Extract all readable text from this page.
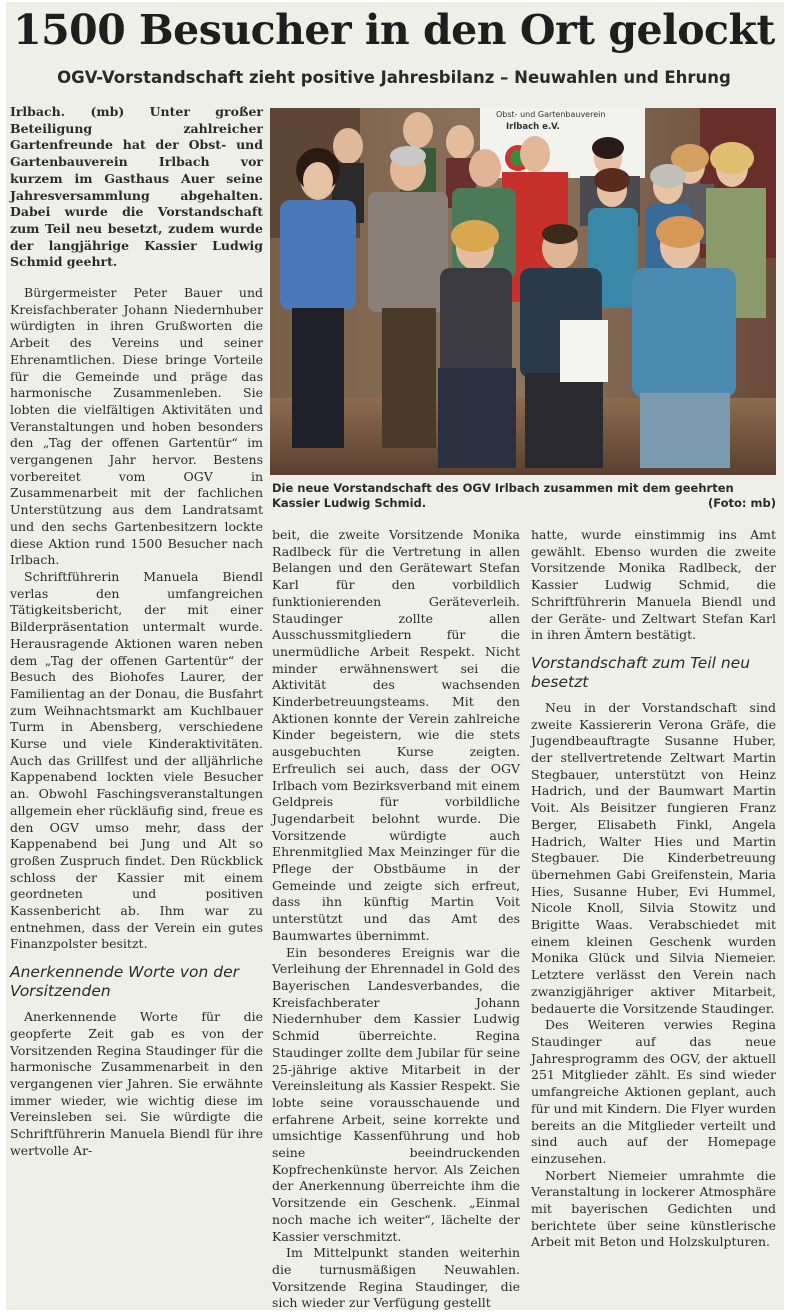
1500 Besucher in den Ort gelockt
OGV-Vorstandschaft zieht positive Jahresbilanz – Neuwahlen und Ehrung

Irlbach. (mb) Unter großer Beteiligung zahlreicher Gartenfreunde hat der Obst- und Gartenbauverein Irlbach vor kurzem im Gasthaus Auer seine Jahresversammlung abgehalten. Dabei wurde die Vorstandschaft zum Teil neu besetzt, zudem wurde der langjährige Kassier Ludwig Schmid geehrt.

Bürgermeister Peter Bauer und Kreisfachberater Johann Niedernhuber würdigten in ihren Grußworten die Arbeit des Vereins und seiner Ehrenamtlichen. Diese bringe Vorteile für die Gemeinde und präge das harmonische Zusammenleben. Sie lobten die vielfältigen Aktivitäten und Veranstaltungen und hoben besonders den „Tag der offenen Gartentür“ im vergangenen Jahr hervor. Bestens vorbereitet vom OGV in Zusammenarbeit mit der fachlichen Unterstützung aus dem Landratsamt und den sechs Gartenbesitzern lockte diese Aktion rund 1500 Besucher nach Irlbach.

Schriftführerin Manuela Biendl verlas den umfangreichen Tätigkeitsbericht, der mit einer Bilderpräsentation untermalt wurde. Herausragende Aktionen waren neben dem „Tag der offenen Gartentür“ der Besuch des Biohofes Laurer, der Familientag an der Donau, die Busfahrt zum Weihnachtsmarkt am Kuchlbauer Turm in Abensberg, verschiedene Kurse und viele Kinderaktivitäten. Auch das Grillfest und der alljährliche Kappenabend lockten viele Besucher an. Obwohl Faschingsveranstaltungen allgemein eher rückläufig sind, freue es den OGV umso mehr, dass der Kappenabend bei Jung und Alt so großen Zuspruch findet. Den Rückblick schloss der Kassier mit einem geordneten und positiven Kassenbericht ab. Ihm war zu entnehmen, dass der Verein ein gutes Finanzpolster besitzt.

Anerkennende Worte von der Vorsitzenden

Anerkennende Worte für die geopferte Zeit gab es von der Vorsitzenden Regina Staudinger für die harmonische Zusammenarbeit in den vergangenen vier Jahren. Sie erwähnte immer wieder, wie wichtig diese im Vereinsleben sei. Sie würdigte die Schriftführerin Manuela Biendl für ihre wertvolle Ar-

Obst- und Gartenbauverein
Irlbach e.V.
Die neue Vorstandschaft des OGV Irlbach zusammen mit dem geehrten Kassier Ludwig Schmid.	(Foto: mb)

beit, die zweite Vorsitzende Monika Radlbeck für die Vertretung in allen Belangen und den Gerätewart Stefan Karl für den vorbildlich funktionierenden Geräteverleih. Staudinger zollte allen Ausschussmitgliedern für die unermüdliche Arbeit Respekt. Nicht minder erwähnenswert sei die Aktivität des wachsenden Kinderbetreuungsteams. Mit den Aktionen konnte der Verein zahlreiche Kinder begeistern, wie die stets ausgebuchten Kurse zeigten. Erfreulich sei auch, dass der OGV Irlbach vom Bezirksverband mit einem Geldpreis für vorbildliche Jugendarbeit belohnt wurde. Die Vorsitzende würdigte auch Ehrenmitglied Max Meinzinger für die Pflege der Obstbäume in der Gemeinde und zeigte sich erfreut, dass ihn künftig Martin Voit unterstützt und das Amt des Baumwartes übernimmt.

Ein besonderes Ereignis war die Verleihung der Ehrennadel in Gold des Bayerischen Landesverbandes, die Kreisfachberater Johann Niedernhuber dem Kassier Ludwig Schmid überreichte. Regina Staudinger zollte dem Jubilar für seine 25-jährige aktive Mitarbeit in der Vereinsleitung als Kassier Respekt. Sie lobte seine vorausschauende und erfahrene Arbeit, seine korrekte und umsichtige Kassenführung und hob seine beeindruckenden Kopfrechenkünste hervor. Als Zeichen der Anerkennung überreichte ihm die Vorsitzende ein Geschenk. „Einmal noch mache ich weiter“, lächelte der Kassier verschmitzt.

Im Mittelpunkt standen weiterhin die turnusmäßigen Neuwahlen. Vorsitzende Regina Staudinger, die sich wieder zur Verfügung gestellt

hatte, wurde einstimmig ins Amt gewählt. Ebenso wurden die zweite Vorsitzende Monika Radlbeck, der Kassier Ludwig Schmid, die Schriftführerin Manuela Biendl und der Geräte- und Zeltwart Stefan Karl in ihren Ämtern bestätigt.

Vorstandschaft zum Teil neu besetzt

Neu in der Vorstandschaft sind zweite Kassiererin Verona Gräfe, die Jugendbeauftragte Susanne Huber, der stellvertretende Zeltwart Martin Stegbauer, unterstützt von Heinz Hadrich, und der Baumwart Martin Voit. Als Beisitzer fungieren Franz Berger, Elisabeth Finkl, Angela Hadrich, Walter Hies und Martin Stegbauer. Die Kinderbetreuung übernehmen Gabi Greifenstein, Maria Hies, Susanne Huber, Evi Hummel, Nicole Knoll, Silvia Stowitz und Brigitte Waas. Verabschiedet mit einem kleinen Geschenk wurden Monika Glück und Silvia Niemeier. Letztere verlässt den Verein nach zwanzigjähriger aktiver Mitarbeit, bedauerte die Vorsitzende Staudinger.

Des Weiteren verwies Regina Staudinger auf das neue Jahresprogramm des OGV, der aktuell 251 Mitglieder zählt. Es sind wieder umfangreiche Aktionen geplant, auch für und mit Kindern. Die Flyer wurden bereits an die Mitglieder verteilt und sind auch auf der Homepage einzusehen.

Norbert Niemeier umrahmte die Veranstaltung in lockerer Atmosphäre mit bayerischen Gedichten und berichtete über seine künstlerische Arbeit mit Beton und Holzskulpturen.
